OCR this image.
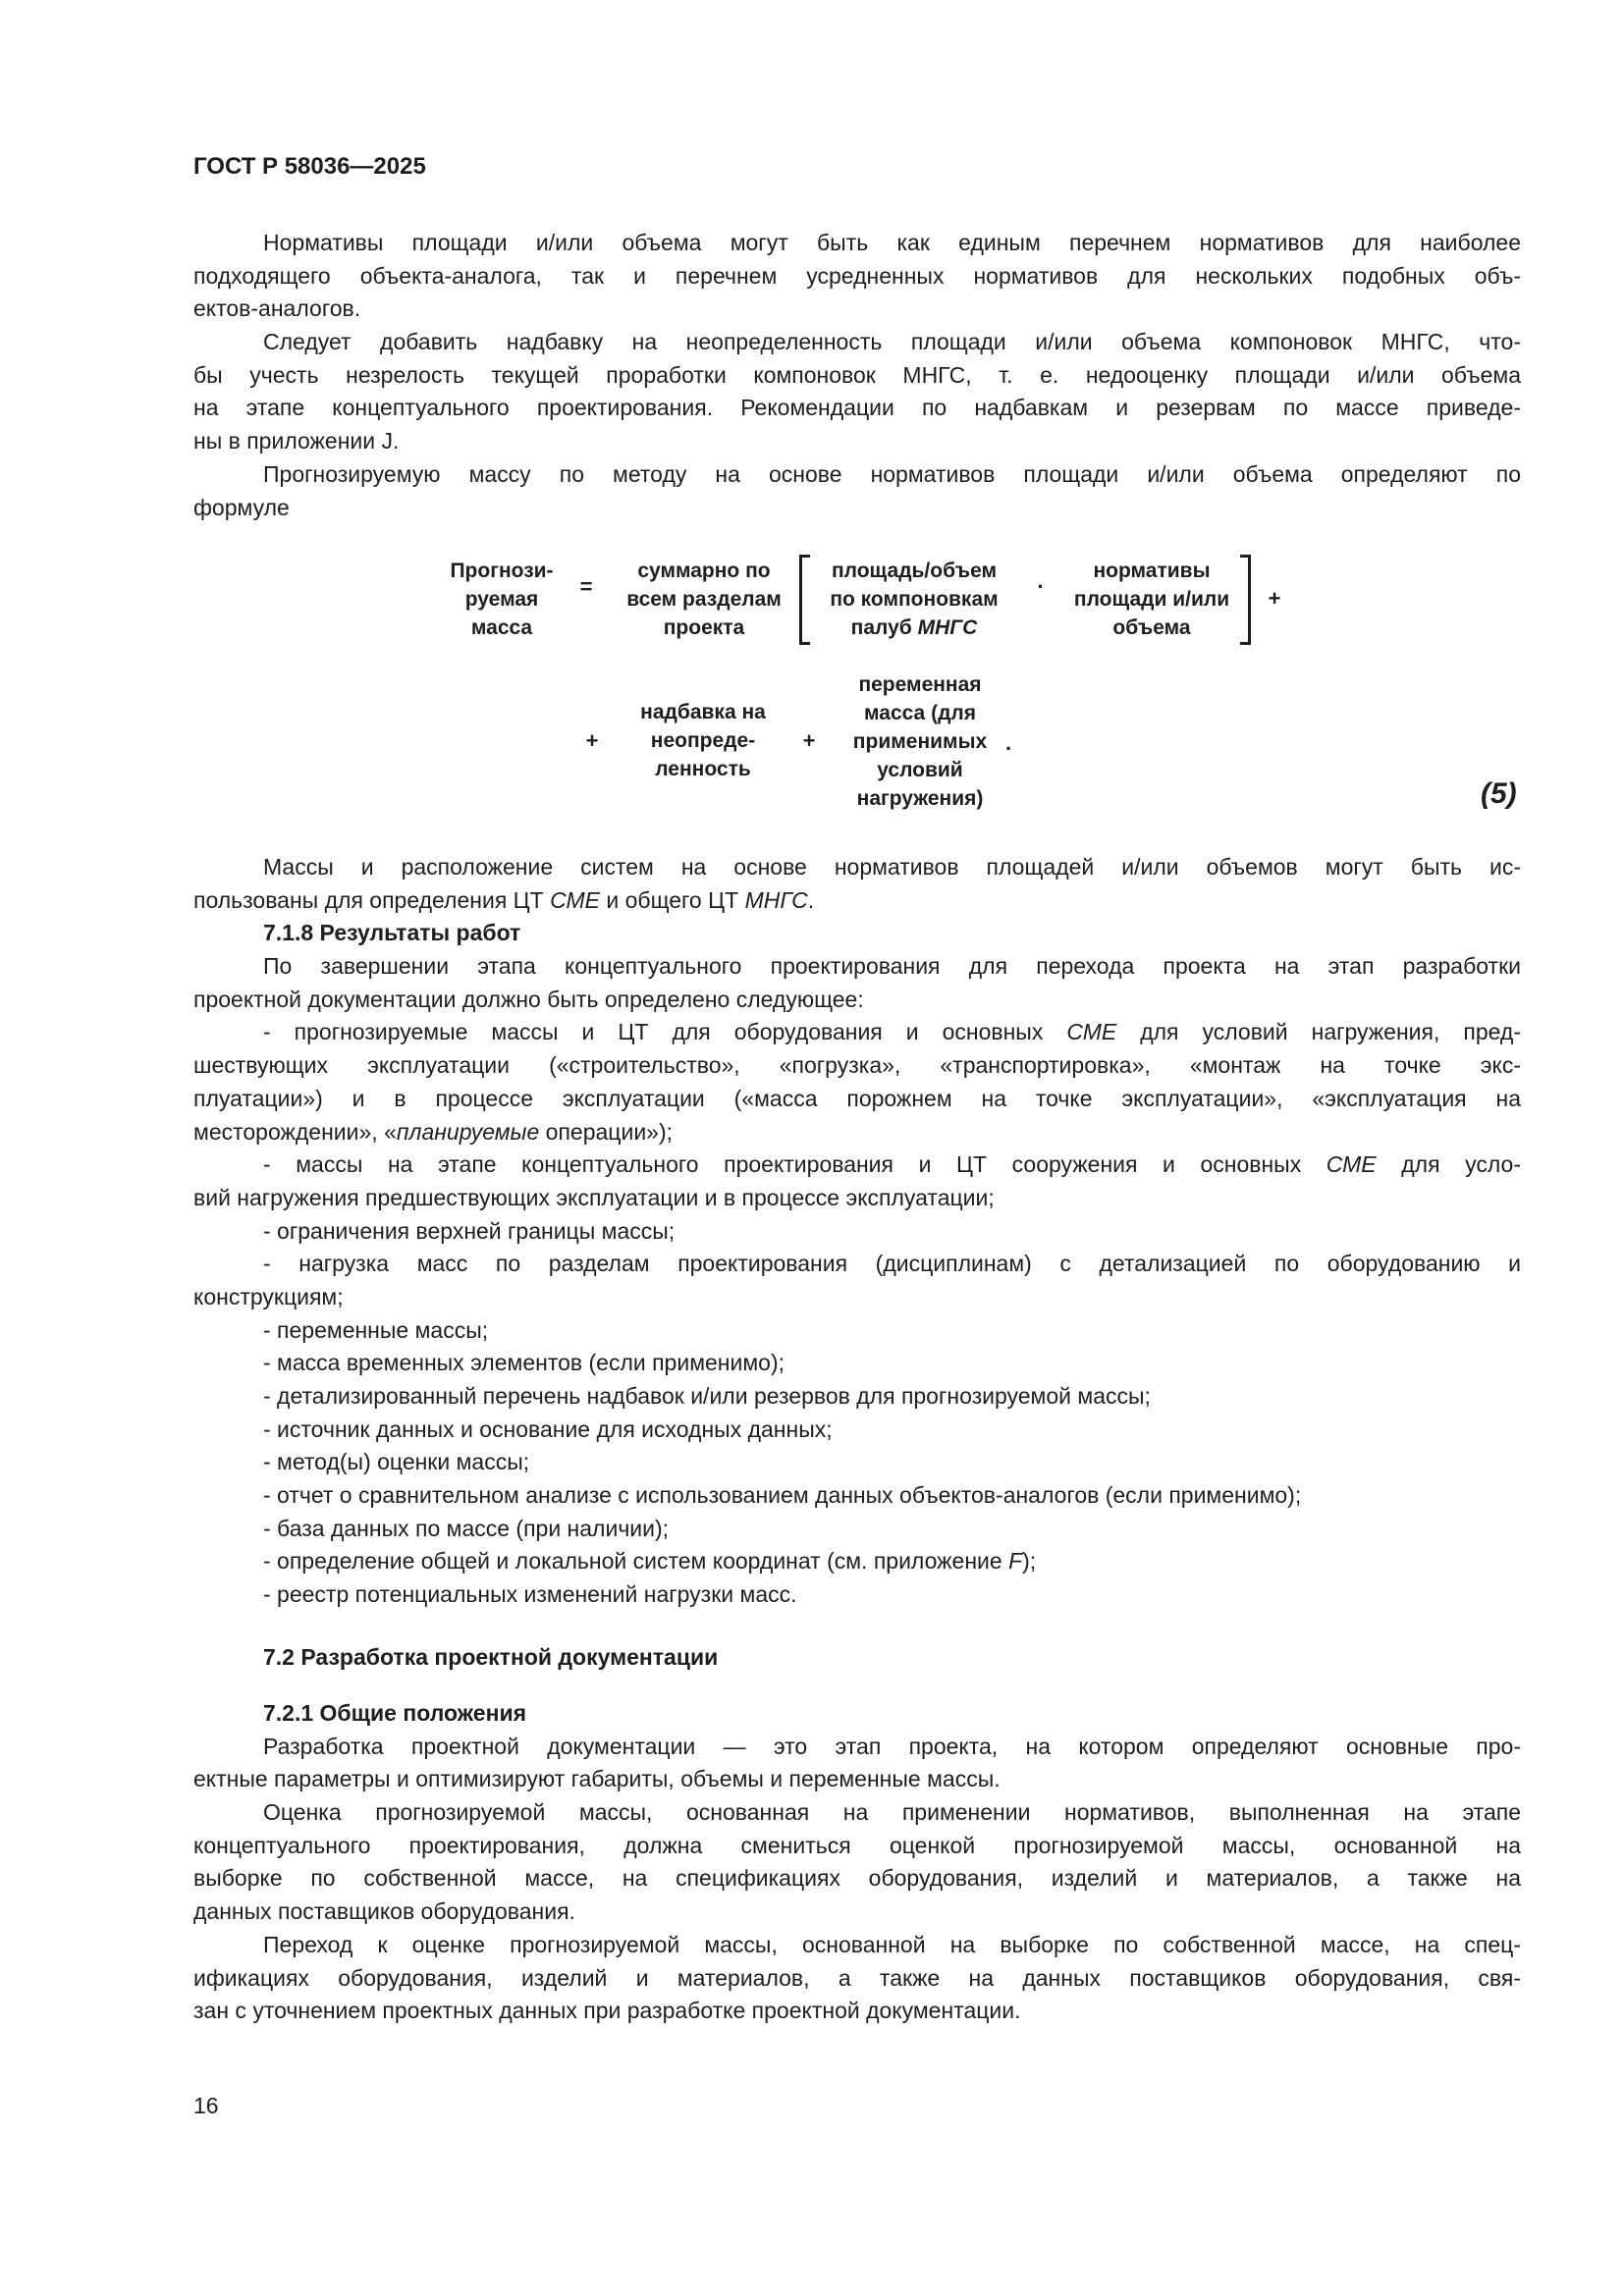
ГОСТ Р 58036—2025
Нормативы площади и/или объема могут быть как единым перечнем нормативов для наиболее
подходящего объекта-аналога, так и перечнем усредненных нормативов для нескольких подобных объ-
ектов-аналогов.
Следует добавить надбавку на неопределенность площади и/или объема компоновок МНГС, что-
бы учесть незрелость текущей проработки компоновок МНГС, т. е. недооценку площади и/или объема
на этапе концептуального проектирования. Рекомендации по надбавкам и резервам по массе приведе-
ны в приложении J.
Прогнозируемую массу по методу на основе нормативов площади и/или объема определяют по
формуле
Прогнози-
руемая
масса
=
суммарно по
всем разделам
проекта
площадь/объем
по компоновкам
палуб МНГС
·
нормативы
площади и/или
объема
+
+
надбавка на
неопреде-
ленность
+
переменная
масса (для
применимых
условий
нагружения)
.
(5)
Массы и расположение систем на основе нормативов площадей и/или объемов могут быть ис-
пользованы для определения ЦТ СМЕ и общего ЦТ МНГС.
7.1.8 Результаты работ
По завершении этапа концептуального проектирования для перехода проекта на этап разработки
проектной документации должно быть определено следующее:
- прогнозируемые массы и ЦТ для оборудования и основных СМЕ для условий нагружения, пред-
шествующих эксплуатации («строительство», «погрузка», «транспортировка», «монтаж на точке экс-
плуатации») и в процессе эксплуатации («масса порожнем на точке эксплуатации», «эксплуатация на
месторождении», «планируемые операции»);
- массы на этапе концептуального проектирования и ЦТ сооружения и основных СМЕ для усло-
вий нагружения предшествующих эксплуатации и в процессе эксплуатации;
- ограничения верхней границы массы;
- нагрузка масс по разделам проектирования (дисциплинам) с детализацией по оборудованию и
конструкциям;
- переменные массы;
- масса временных элементов (если применимо);
- детализированный перечень надбавок и/или резервов для прогнозируемой массы;
- источник данных и основание для исходных данных;
- метод(ы) оценки массы;
- отчет о сравнительном анализе с использованием данных объектов-аналогов (если применимо);
- база данных по массе (при наличии);
- определение общей и локальной систем координат (см. приложение F);
- реестр потенциальных изменений нагрузки масс.
7.2 Разработка проектной документации
7.2.1 Общие положения
Разработка проектной документации — это этап проекта, на котором определяют основные про-
ектные параметры и оптимизируют габариты, объемы и переменные массы.
Оценка прогнозируемой массы, основанная на применении нормативов, выполненная на этапе
концептуального проектирования, должна смениться оценкой прогнозируемой массы, основанной на
выборке по собственной массе, на спецификациях оборудования, изделий и материалов, а также на
данных поставщиков оборудования.
Переход к оценке прогнозируемой массы, основанной на выборке по собственной массе, на спец-
ификациях оборудования, изделий и материалов, а также на данных поставщиков оборудования, свя-
зан с уточнением проектных данных при разработке проектной документации.
16
